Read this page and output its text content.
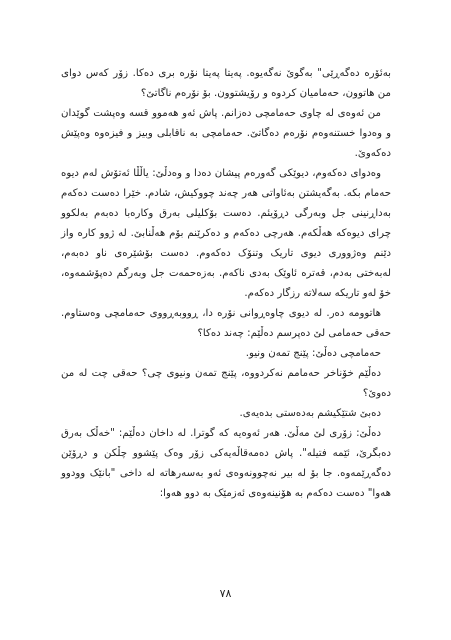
بەئۆرە دەگەڕێی" بەگوێ نەگەیوە. پەیتا پەیتا نۆرە بری دەکا. زۆر کەس دوای من هاتوون، حەمامیان کردوە و رۆیشتوون. بۆ نۆرەم ناگاتێ؟

من ئەوەی لە چاوی حەمامچی دەزانم. پاش ئەو هەموو قسە وەپشت گوێدان و وەدوا خستنەوەم نۆرەم دەگاتێ. حەمامچی بە ناقابلی وبیز و فیزەوە وەپێش دەکەوێ.

وەدوای دەکەوم، دیوێکی گەورەم پیشان دەدا و وەدڵێ: یاڵڵا ئەتۆش لەم دیوە حەمام بکە. بەگەیشتن بەئاواتی هەر چەند چووکیش، شادم. خێرا دەست دەکەم بەداڕنینی جل وبەرگی دڕۆیئم. دەست بۆکلیلی بەرق وکارەبا دەبەم بەلکوو چرای دیوەکە هەڵکەم. هەرچی دەکەم و دەکرێنم بۆم هەڵنابێ. لە ژوو کارە واز دێنم وەژووری دیوی تاریک وتنۆک دەکەوم. دەست بۆشێرەی ناو دەبەم، لەبەختی بەدم، قەترە ئاوێک بەدی ناکەم. بەزەحمەت جل وبەرگم دەپۆشمەوە، خۆ لەو تاریکە سەلاتە رزگار دەکەم.

هاتوومە دەر. لە دیوی چاوەڕوانی نۆرە دا، ڕووبەڕووی حەمامچی وەستاوم. حەقی حەمامی لێ دەپرسم دەڵێم: چەند دەکا؟

حەمامچی دەڵێ: پێنج تمەن ونیو.

دەڵێم خۆناخر حەمامم نەکردووە، پێنج تمەن ونیوی چی؟ حەقی چت لە من دەوێ؟

دەبێ شتێکیشم بەدەستی بدەیەی.

دەڵێ: زۆری لێ مەڵێ. هەر ئەوەیە کە گوترا. لە داخان دەڵێم: "خەڵک بەرق دەبگرێ، ئێمە فتیلە". پاش دەمەقاڵەیەکی زۆر وەک پێشوو چڵکن و دڕۆێن دەگەڕێمەوە. جا بۆ لە بیر نەچوونەوەی ئەو بەسەرهاتە لە داخی "بانێک وودوو هەوا" دەست دەکەم بە هۆنینەوەی ئەزمێک بە دوو هەوا:

٧٨
